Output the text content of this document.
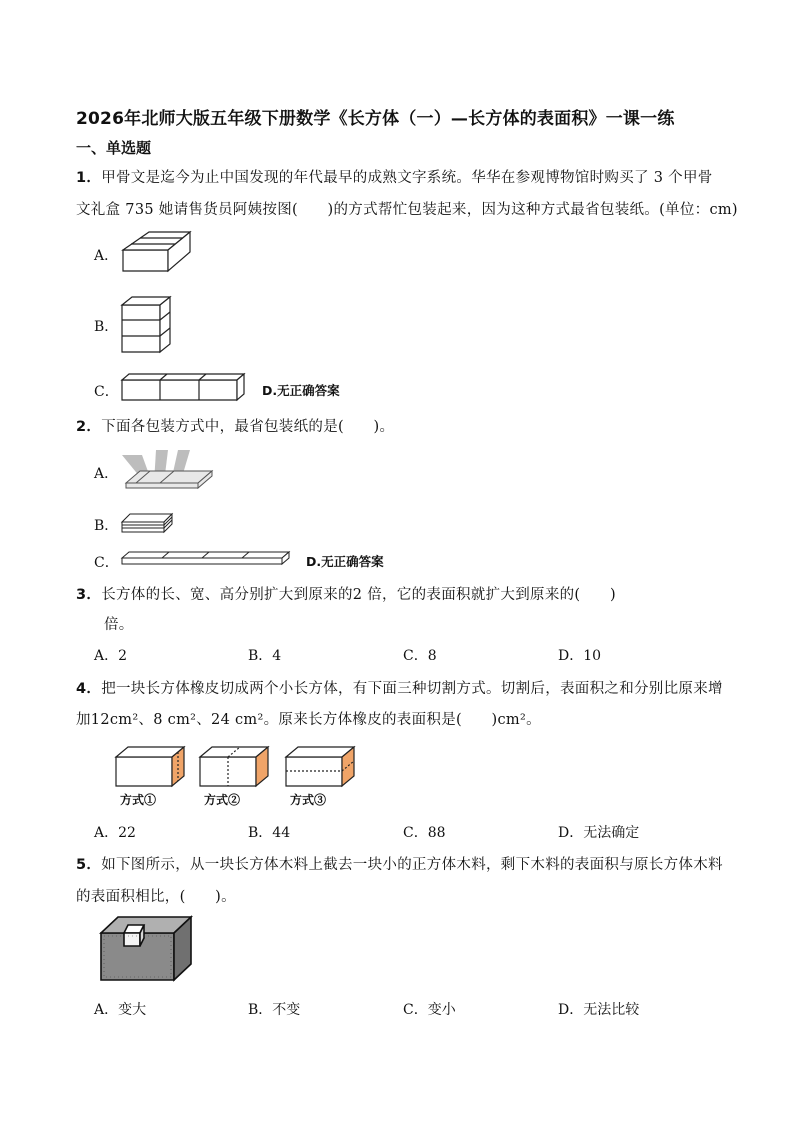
2026年北师大版五年级下册数学《长方体（一）—长方体的表面积》一课一练
一、单选题
1．甲骨文是迄今为止中国发现的年代最早的成熟文字系统。华华在参观博物馆时购买了 3 个甲骨
文礼盒 735 她请售货员阿姨按图(　　)的方式帮忙包装起来，因为这种方式最省包装纸。(单位：cm)
A．
B．
C．	D.无正确答案
2．下面各包装方式中，最省包装纸的是(　　)。
A．
B．
C．	D.无正确答案
3．长方体的长、宽、高分别扩大到原来的2 倍，它的表面积就扩大到原来的(　　)
倍。
A．2	B．4	C．8	D．10
4．把一块长方体橡皮切成两个小长方体，有下面三种切割方式。切割后，表面积之和分别比原来增
加12cm²、8 cm²、24 cm²。原来长方体橡皮的表面积是(　　)cm²。
方式①	方式②	方式③
A．22	B．44	C．88	D．无法确定
5．如下图所示，从一块长方体木料上截去一块小的正方体木料，剩下木料的表面积与原长方体木料
的表面积相比，(　　)。
A．变大	B．不变	C．变小	D．无法比较
